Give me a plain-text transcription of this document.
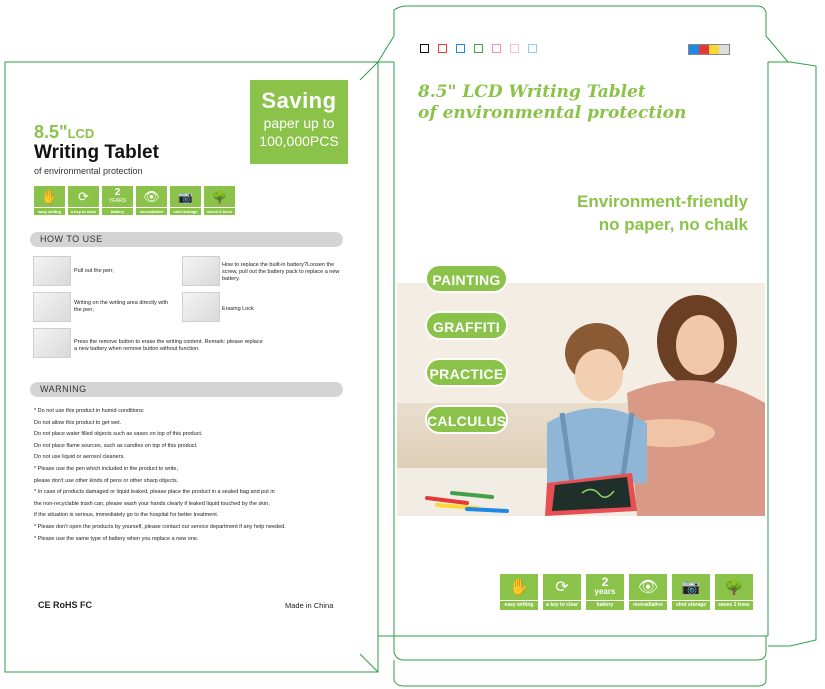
Saving
paper up to
100,000PCS
8.5"LCD
Writing Tablet
of environmental protection
✋
easy writing
⟳
a key to clear
2
YEARS
battery
👁
nonradiative
📷
shot storage
🌳
saves 3 trees
HOW TO USE
Pull out the pen;
How to replace the built-in battery?Loosen the screw, pull out the battery pack to replace a new battery.
Writing on the writing area directly with the pen;	Erasing Lock
Press the remove button to erase the writing content. Remark: please replace a new battery when remove button without function.
WARNING
* Do not use this product in humid conditions:
Do not allow this product to get wet.
Do not place water filled objects such as vases on top of this product.
Do not place flame sources, such as candles on top of this product.
Do not use liquid or aerosol cleaners.
* Please use the pen which included in the product to write,
please don't use other kinds of pens or other sharp objects.
* In case of products damaged or liquid leaked, please place the product in a sealed bag and put in
the non-recyclable trash can, please wash your hands clearly if leaked liquid touched by the skin,
if the situation is serious, immediately go to the hospital for better treatment.
* Please don't open the products by yourself, please contact our service department if any help needed.
* Please use the same type of battery when you replace a new one.
CE RoHS FC	Made in China
8.5" LCD Writing Tablet
of environmental protection
Environment-friendly
no paper, no chalk
PAINTING
GRAFFITI
PRACTICE
CALCULUS
✋
easy writing
⟳
a key to clear
2
years
battery
👁
nonradiative
📷
shot storage
🌳
saves 3 trees
